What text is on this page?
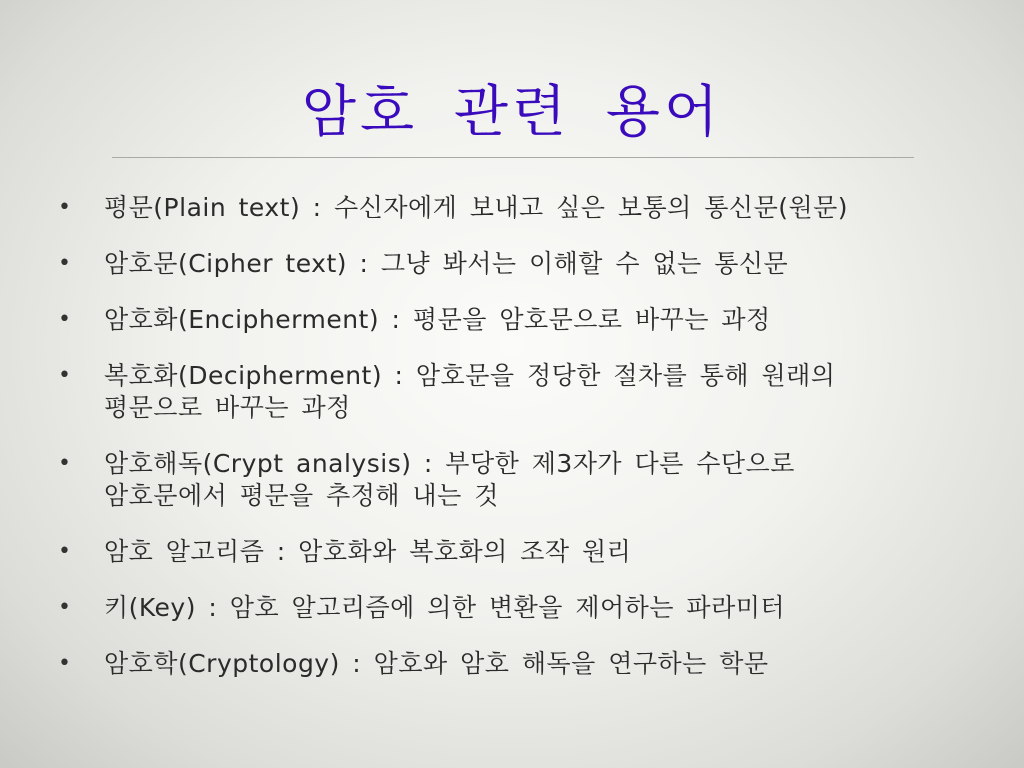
암호 관련 용어
• 평문(Plain text) : 수신자에게 보내고 싶은 보통의 통신문(원문)
• 암호문(Cipher text) : 그냥 봐서는 이해할 수 없는 통신문
• 암호화(Encipherment) : 평문을 암호문으로 바꾸는 과정
• 복호화(Decipherment) : 암호문을 정당한 절차를 통해 원래의
평문으로 바꾸는 과정
• 암호해독(Crypt analysis) : 부당한 제3자가 다른 수단으로
암호문에서 평문을 추정해 내는 것
• 암호 알고리즘 : 암호화와 복호화의 조작 원리
• 키(Key) : 암호 알고리즘에 의한 변환을 제어하는 파라미터
• 암호학(Cryptology) : 암호와 암호 해독을 연구하는 학문
